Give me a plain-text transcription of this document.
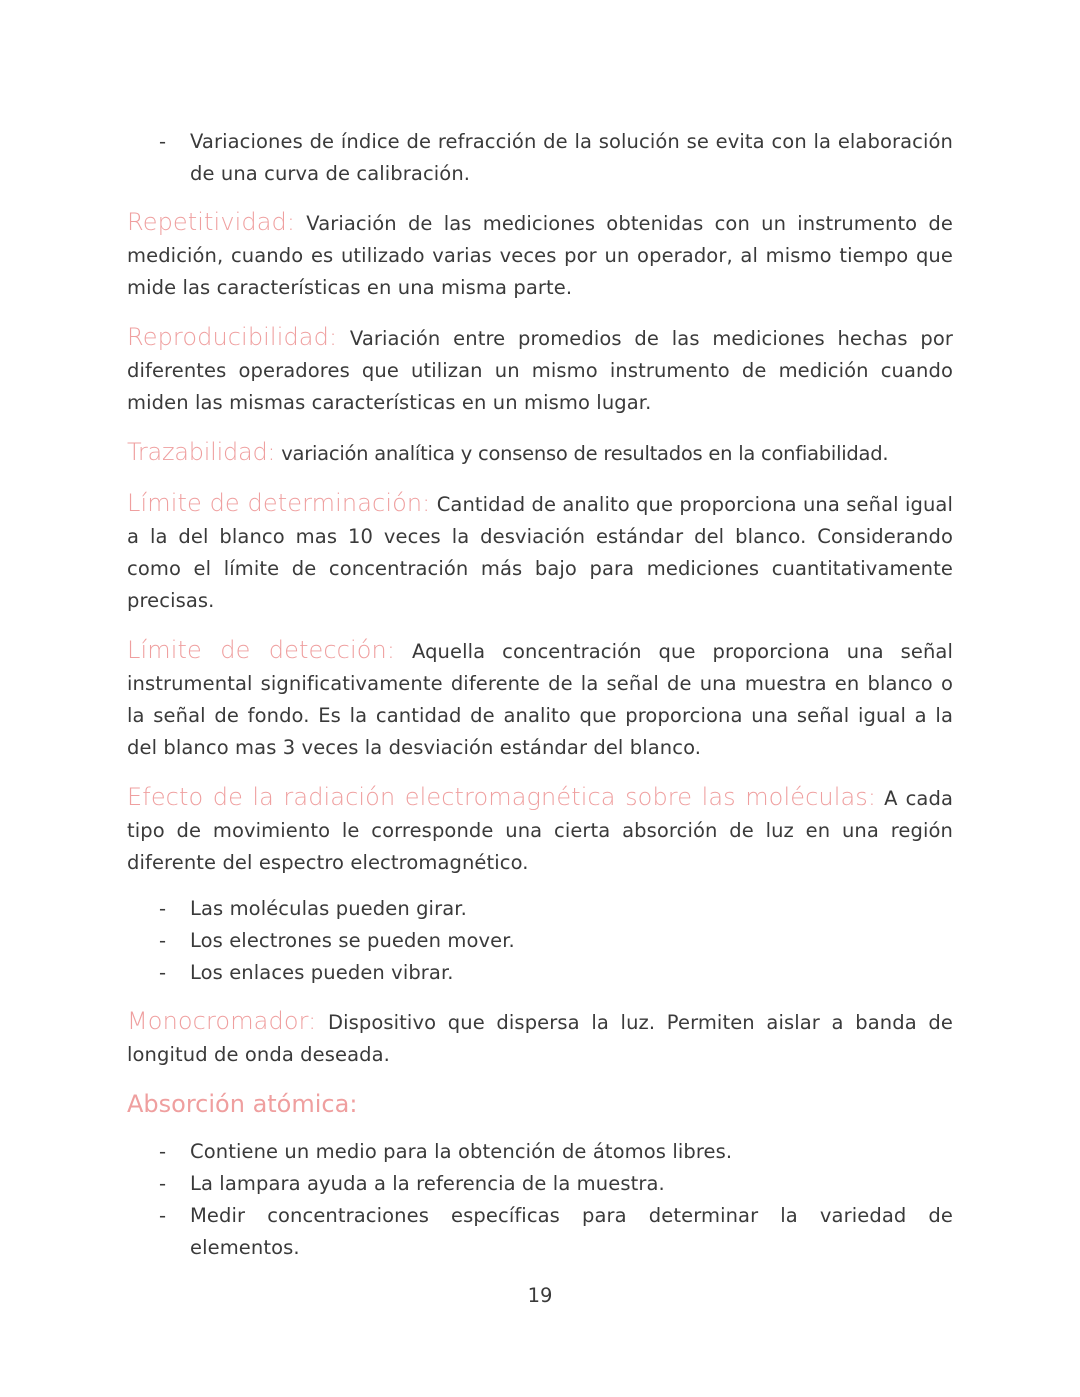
- Variaciones de índice de refracción de la solución se evita con la elaboración de una curva de calibración.

Repetitividad: Variación de las mediciones obtenidas con un instrumento de medición, cuando es utilizado varias veces por un operador, al mismo tiempo que mide las características en una misma parte.

Reproducibilidad: Variación entre promedios de las mediciones hechas por diferentes operadores que utilizan un mismo instrumento de medición cuando miden las mismas características en un mismo lugar.

Trazabilidad: variación analítica y consenso de resultados en la confiabilidad.

Límite de determinación: Cantidad de analito que proporciona una señal igual a la del blanco mas 10 veces la desviación estándar del blanco. Considerando como el límite de concentración más bajo para mediciones cuantitativamente precisas.

Límite de detección: Aquella concentración que proporciona una señal instrumental significativamente diferente de la señal de una muestra en blanco o la señal de fondo. Es la cantidad de analito que proporciona una señal igual a la del blanco mas 3 veces la desviación estándar del blanco.

Efecto de la radiación electromagnética sobre las moléculas: A cada tipo de movimiento le corresponde una cierta absorción de luz en una región diferente del espectro electromagnético.

- Las moléculas pueden girar.
- Los electrones se pueden mover.
- Los enlaces pueden vibrar.

Monocromador: Dispositivo que dispersa la luz. Permiten aislar a banda de longitud de onda deseada.

Absorción atómica:
- Contiene un medio para la obtención de átomos libres.
- La lampara ayuda a la referencia de la muestra.
- Medir concentraciones específicas para determinar la variedad de elementos.
19
